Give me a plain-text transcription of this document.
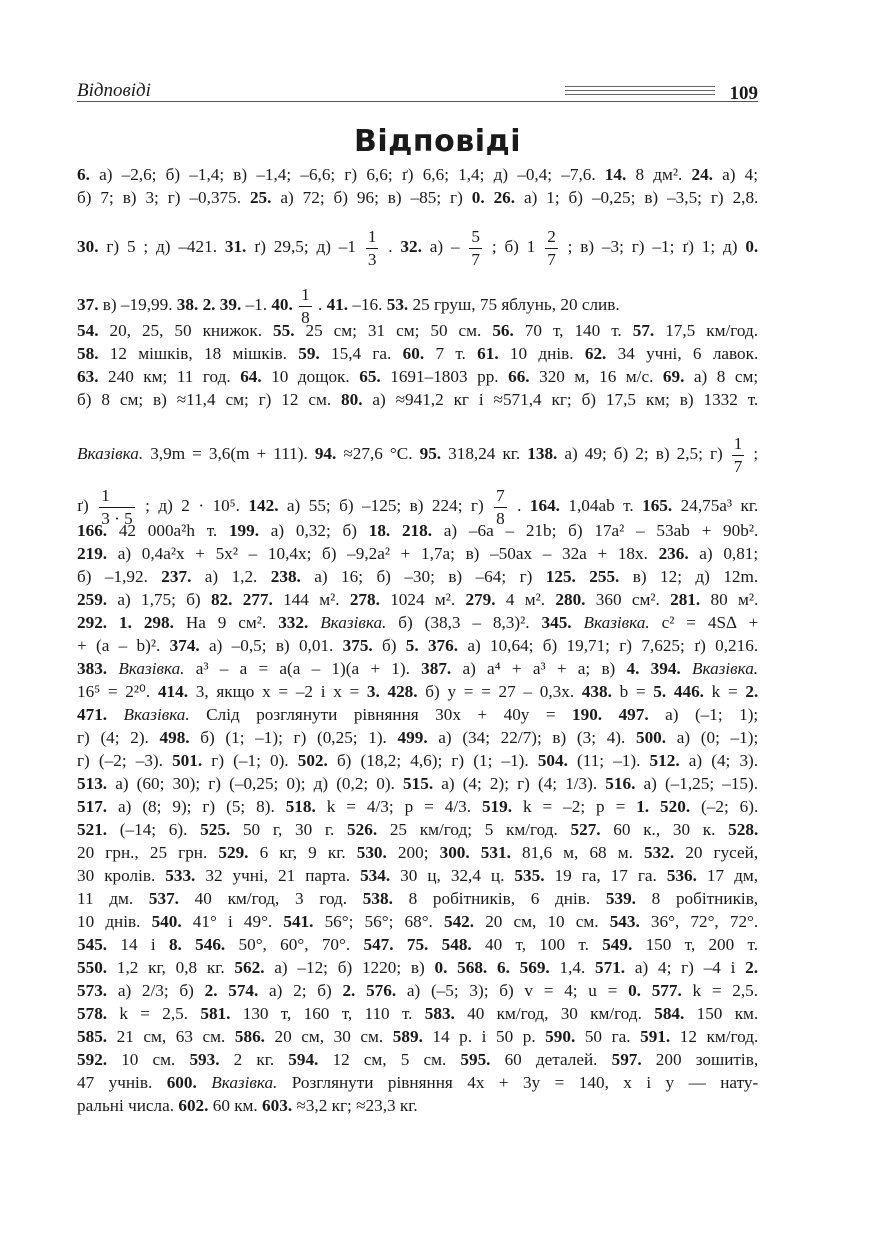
Відповіді	109
Відповіді
6. а) –2,6; б) –1,4; в) –1,4; –6,6; г) 6,6; ґ) 6,6; 1,4; д) –0,4; –7,6. 14. 8 дм². 24. а) 4;
б) 7; в) 3; г) –0,375. 25. а) 72; б) 96; в) –85; г) 0. 26. а) 1; б) –0,25; в) –3,5; г) 2,8.
30. г) 5 ; д) –421. 31. ґ) 29,5; д) $-1 \frac{1}{3}$ . 32. $а) - \frac{5}{7}$ ; б) $1 \frac{2}{7}$ ; в) –3; г) –1; ґ) 1; д) 0.
37. в) –19,99. 38. 2. 39. –1. 40. $\frac{1}{8}$ . 41. –16. 53. 25 груш, 75 яблунь, 20 слив.
54. 20, 25, 50 книжок. 55. 25 см; 31 см; 50 см. 56. 70 т, 140 т. 57. 17,5 км/год.
58. 12 мішків, 18 мішків. 59. 15,4 га. 60. 7 т. 61. 10 днів. 62. 34 учні, 6 лавок.
63. 240 км; 11 год. 64. 10 дощок. 65. 1691–1803 рр. 66. 320 м, 16 м/с. 69. а) 8 см;
б) 8 см; в) ≈11,4 см; г) 12 см. 80. а) ≈941,2 кг і ≈571,4 кг; б) 17,5 км; в) 1332 т.
Вказівка. 3,9m = 3,6(m + 111). 94. ≈27,6 °С. 95. 318,24 кг. 138. а) 49; б) 2; в) 2,5; $г) \frac{1}{7}$ ;
$ґ) \frac{1}{3 \cdot 5}$ ; д) 2 · 10⁵. 142. а) 55; б) –125; в) 224; $г) \frac{7}{8}$ . 164. 1,04ab т. 165. 24,75a³ кг.
166. 42 000a²h т. 199. а) 0,32; б) 18. 218. а) –6a – 21b; б) 17a² – 53ab + 90b².
219. а) 0,4a²x + 5x² – 10,4x; б) –9,2a² + 1,7a; в) –50ax – 32a + 18x. 236. а) 0,81;
б) –1,92. 237. а) 1,2. 238. а) 16; б) –30; в) –64; г) 125. 255. в) 12; д) 12m.
259. а) 1,75; б) 82. 277. 144 м². 278. 1024 м². 279. 4 м². 280. 360 см². 281. 80 м².
292. 1. 298. На 9 см². 332. Вказівка. б) (38,3 – 8,3)². 345. Вказівка. c² = 4S∆ +
+ (a – b)². 374. а) –0,5; в) 0,01. 375. б) 5. 376. а) 10,64; б) 19,71; г) 7,625; ґ) 0,216.
383. Вказівка. a³ – a = a(a – 1)(a + 1). 387. а) a⁴ + a³ + a; в) 4. 394. Вказівка.
16⁵ = 2²⁰. 414. 3, якщо x = –2 і x = 3. 428. б) y = = 27 – 0,3x. 438. b = 5. 446. k = 2.
471. Вказівка. Слід розглянути рівняння 30x + 40y = 190. 497. а) (–1; 1);
г) (4; 2). 498. б) (1; –1); г) (0,25; 1). 499. а) (34; 22/7); в) (3; 4). 500. а) (0; –1);
г) (–2; –3). 501. г) (–1; 0). 502. б) (18,2; 4,6); г) (1; –1). 504. (11; –1). 512. а) (4; 3).
513. а) (60; 30); г) (–0,25; 0); д) (0,2; 0). 515. а) (4; 2); г) (4; 1/3). 516. а) (–1,25; –15).
517. а) (8; 9); г) (5; 8). 518. k = 4/3; p = 4/3. 519. k = –2; p = 1. 520. (–2; 6).
521. (–14; 6). 525. 50 г, 30 г. 526. 25 км/год; 5 км/год. 527. 60 к., 30 к. 528.
20 грн., 25 грн. 529. 6 кг, 9 кг. 530. 200; 300. 531. 81,6 м, 68 м. 532. 20 гусей,
30 кролів. 533. 32 учні, 21 парта. 534. 30 ц, 32,4 ц. 535. 19 га, 17 га. 536. 17 дм,
11 дм. 537. 40 км/год, 3 год. 538. 8 робітників, 6 днів. 539. 8 робітників,
10 днів. 540. 41° і 49°. 541. 56°; 56°; 68°. 542. 20 см, 10 см. 543. 36°, 72°, 72°.
545. 14 і 8. 546. 50°, 60°, 70°. 547. 75. 548. 40 т, 100 т. 549. 150 т, 200 т.
550. 1,2 кг, 0,8 кг. 562. а) –12; б) 1220; в) 0. 568. 6. 569. 1,4. 571. а) 4; г) –4 і 2.
573. а) 2/3; б) 2. 574. а) 2; б) 2. 576. а) (–5; 3); б) v = 4; u = 0. 577. k = 2,5.
578. k = 2,5. 581. 130 т, 160 т, 110 т. 583. 40 км/год, 30 км/год. 584. 150 км.
585. 21 см, 63 см. 586. 20 см, 30 см. 589. 14 р. і 50 р. 590. 50 га. 591. 12 км/год.
592. 10 см. 593. 2 кг. 594. 12 см, 5 см. 595. 60 деталей. 597. 200 зошитів,
47 учнів. 600. Вказівка. Розглянути рівняння 4x + 3y = 140, x і y — нату-
ральні числа. 602. 60 км. 603. ≈3,2 кг; ≈23,3 кг.
